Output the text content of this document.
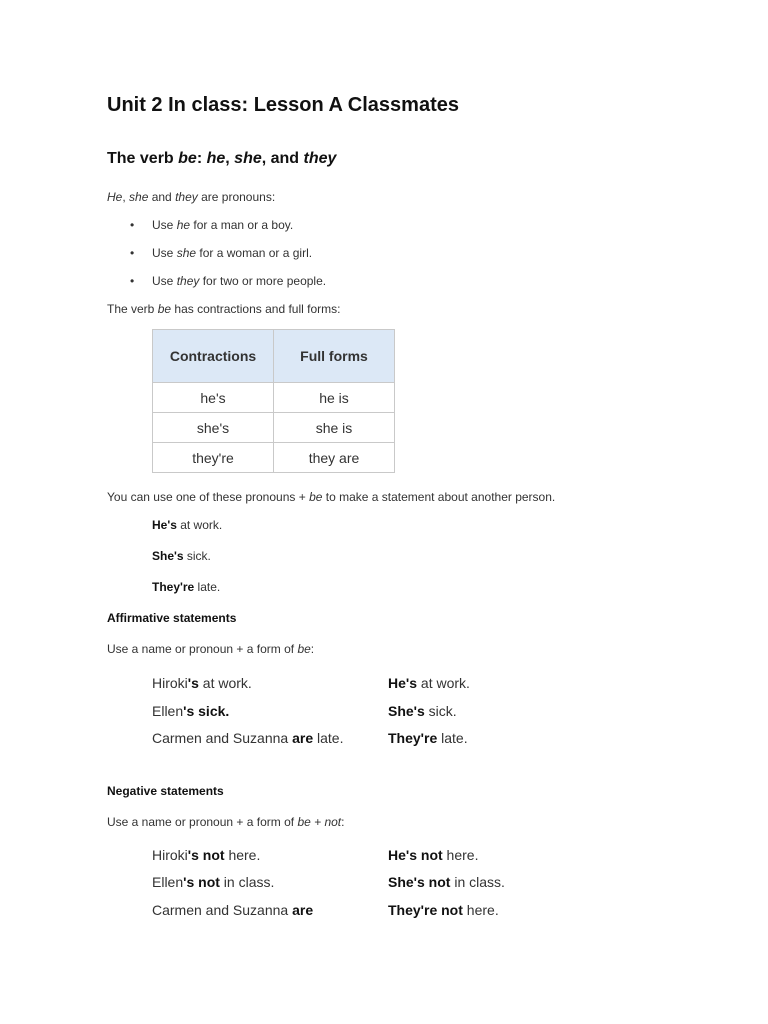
Unit 2 In class: Lesson A Classmates
The verb be: he, she, and they
He, she and they are pronouns:
• Use he for a man or a boy.
• Use she for a woman or a girl.
• Use they for two or more people.
The verb be has contractions and full forms:
Contractions	Full forms
he's	he is
she's	she is
they're	they are
You can use one of these pronouns + be to make a statement about another person.
He's at work.
She's sick.
They're late.
Affirmative statements
Use a name or pronoun + a form of be:
Hiroki's at work.	He's at work.
Ellen's sick.	She's sick.
Carmen and Suzanna are late.	They're late.
Negative statements
Use a name or pronoun + a form of be + not:
Hiroki's not here.	He's not here.
Ellen's not in class.	She's not in class.
Carmen and Suzanna are	They're not here.
